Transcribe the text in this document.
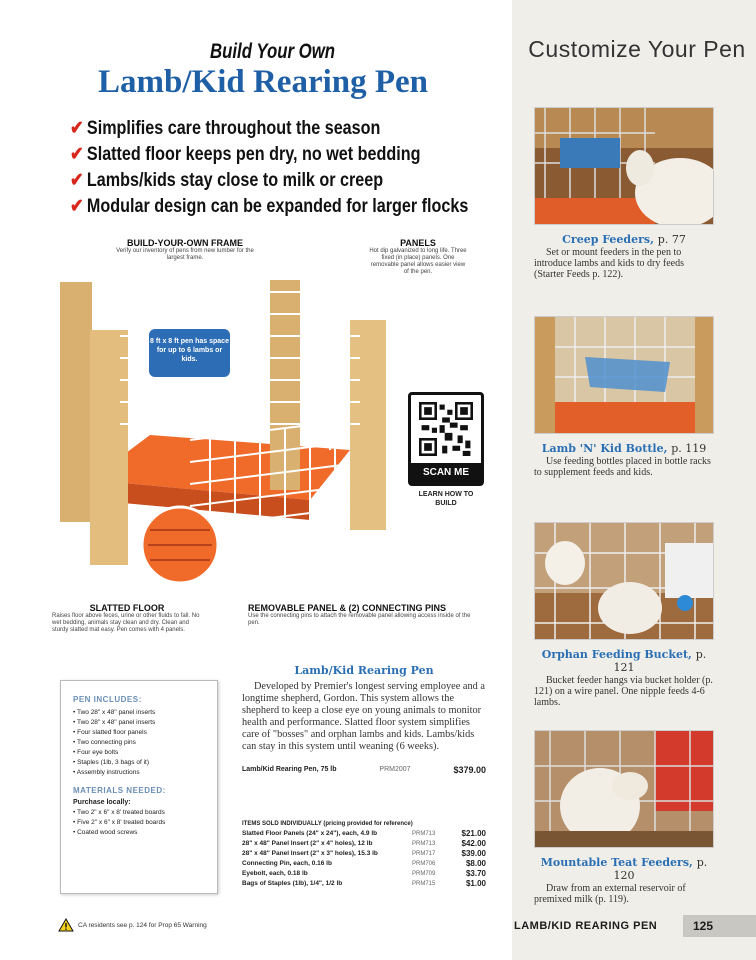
Customize Your Pen
Creep Feeders, p. 77
Set or mount feeders in the pen to introduce lambs and kids to dry feeds (Starter Feeds p. 122).
Lamb 'N' Kid Bottle, p. 119
Use feeding bottles placed in bottle racks to supplement feeds and kids.
Orphan Feeding Bucket, p. 121
Bucket feeder hangs via bucket holder (p. 121) on a wire panel. One nipple feeds 4-6 lambs.
Mountable Teat Feeders, p. 120
Draw from an external reservoir of premixed milk (p. 119).
Build Your Own
Lamb/Kid Rearing Pen
✔ Simplifies care throughout the season
✔ Slatted floor keeps pen dry, no wet bedding
✔ Lambs/kids stay close to milk or creep
✔ Modular design can be expanded for larger flocks
BUILD-YOUR-OWN FRAME
Verify our inventory of pens from new lumber for the largest frame.
PANELS
Hot dip galvanized to long life. Three fixed (in place) panels. One removable panel allows easier view of the pen.
8 ft x 8 ft pen has space for up to 6 lambs or kids.
SCAN ME
LEARN HOW TO BUILD
SLATTED FLOOR
Raises floor above feces, urine or other fluids to fall. No wet bedding, animals stay clean and dry. Clean and sturdy slatted mat easy. Pen comes with 4 panels.
REMOVABLE PANEL & (2) CONNECTING PINS
Use the connecting pins to attach the removable panel allowing access inside of the pen.
PEN INCLUDES:
• Two 28" x 48" panel inserts
• Two 28" x 48" panel inserts
• Four slatted floor panels
• Two connecting pins
• Four eye bolts
• Staples (1lb, 3 bags of it)
• Assembly instructions
MATERIALS NEEDED:
Purchase locally:
• Two 2" x 6" x 8' treated boards
• Five 2" x 6" x 8' treated boards
• Coated wood screws
Lamb/Kid Rearing Pen
Developed by Premier's longest serving employee and a longtime shepherd, Gordon. This system allows the shepherd to keep a close eye on young animals to monitor health and performance. Slatted floor system simplifies care of "bosses" and orphan lambs and kids. Lambs/kids can stay in this system until weaning (6 weeks).
Lamb/Kid Rearing Pen, 75 lb	PRM2007	$379.00
ITEMS SOLD INDIVIDUALLY (pricing provided for reference)
Slatted Floor Panels (24" x 24"), each, 4.9 lb	PRM713	$21.00
28" x 48" Panel Insert (2" x 4" holes), 12 lb	PRM713	$42.00
28" x 48" Panel Insert (2" x 3" holes), 15.3 lb	PRM717	$39.00
Connecting Pin, each, 0.16 lb	PRM706	$8.00
Eyebolt, each, 0.18 lb	PRM709	$3.70
Bags of Staples (1lb), 1/4", 1/2 lb	PRM715	$1.00
CA residents see p. 124 for Prop 65 Warning	LAMB/KID REARING PEN	125
